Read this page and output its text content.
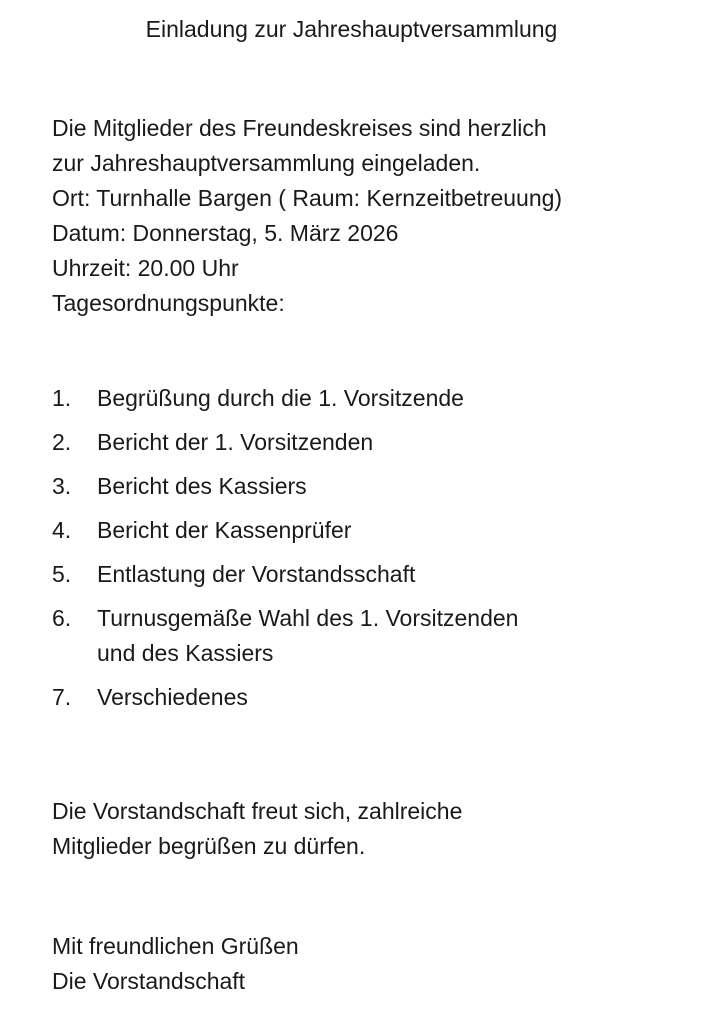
Einladung zur Jahreshauptversammlung
Die Mitglieder des Freundeskreises sind herzlich
zur Jahreshauptversammlung eingeladen.
Ort: Turnhalle Bargen ( Raum: Kernzeitbetreuung)
Datum: Donnerstag, 5. März 2026
Uhrzeit: 20.00 Uhr
Tagesordnungspunkte:
1. Begrüßung durch die 1. Vorsitzende
2. Bericht der 1. Vorsitzenden
3. Bericht des Kassiers
4. Bericht der Kassenprüfer
5. Entlastung der Vorstandsschaft
6. Turnusgemäße Wahl des 1. Vorsitzenden
und des Kassiers
7. Verschiedenes
Die Vorstandschaft freut sich, zahlreiche
Mitglieder begrüßen zu dürfen.
Mit freundlichen Grüßen
Die Vorstandschaft
